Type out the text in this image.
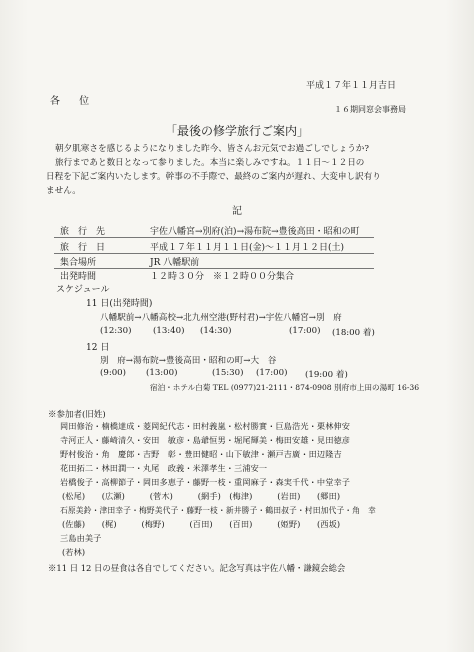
平成１７年１１月吉日
各 位
１６期同窓会事務局
「最後の修学旅行ご案内」

朝夕肌寒さを感じるようになりました昨今、皆さんお元気でお過ごしでしょうか?

旅行まであと数日となって参りました。本当に楽しみですね。１１日～１２日の

日程を下記ご案内いたします。幹事の不手際で、最終のご案内が遅れ、大変申し訳有り
ません。
記
旅　行　先	宇佐八幡宮→別府(泊)→湯布院→豊後高田・昭和の町
旅　行　日	平成１７年１１月１１日(金)～１１月１２日(土)
集合場所	JR 八幡駅前
出発時間	１２時３０分　※１２時００分集合
スケジュール
11 日(出発時間)
八幡駅前→八幡高校→北九州空港(野村君)→宇佐八幡宮→別　府
(12:30)	(13:40) (14:30)	(17:00) (18:00 着)
12 日
別　府→湯布院→豊後高田・昭和の町→大　谷
(9:00) (13:00)	(15:30) (17:00) (19:00 着)
宿泊・ホテル白菊 TEL (0977)21-2111・874-0908 別府市上田の湯町 16-36
※参加者(旧姓)
岡田修治・楠橋達成・菱岡紀代志・田村義嵐・松村勝實・巨島浩光・栗林伸安
寺河正人・藤崎清久・安田　敏彦・島爺恒男・堀尾輝美・梅田安雄・見田徳彦
野村俊治・角　慶郎・吉野　彰・豊田健昭・山下敏津・瀬戸吉廣・田辺隆吉
花田拓二・林田潤一・丸尾　政義・米澤孝生・三浦安一
岩橋俊子・高柳節子・岡田多恵子・藤野一枝・重岡麻子・森実千代・中堂幸子
(松尾)　　(広瀬)　　　(菅木)　　　(網手)　(梅津)　　　(岩田)　　(郷田)
石原美鈴・津田幸子・梅野美代子・藤野一枝・新井勝子・鶴田叔子・村田加代子・角　幸
(佐藤)　　(梶)　　　(梅野)　　　(百田)　　(百田)　　　(姫野)　　(西坂)
三島由美子
(若林)
※11 日 12 日の昼食は各自でしてください。記念写真は宇佐八幡・謙鏡会総会
